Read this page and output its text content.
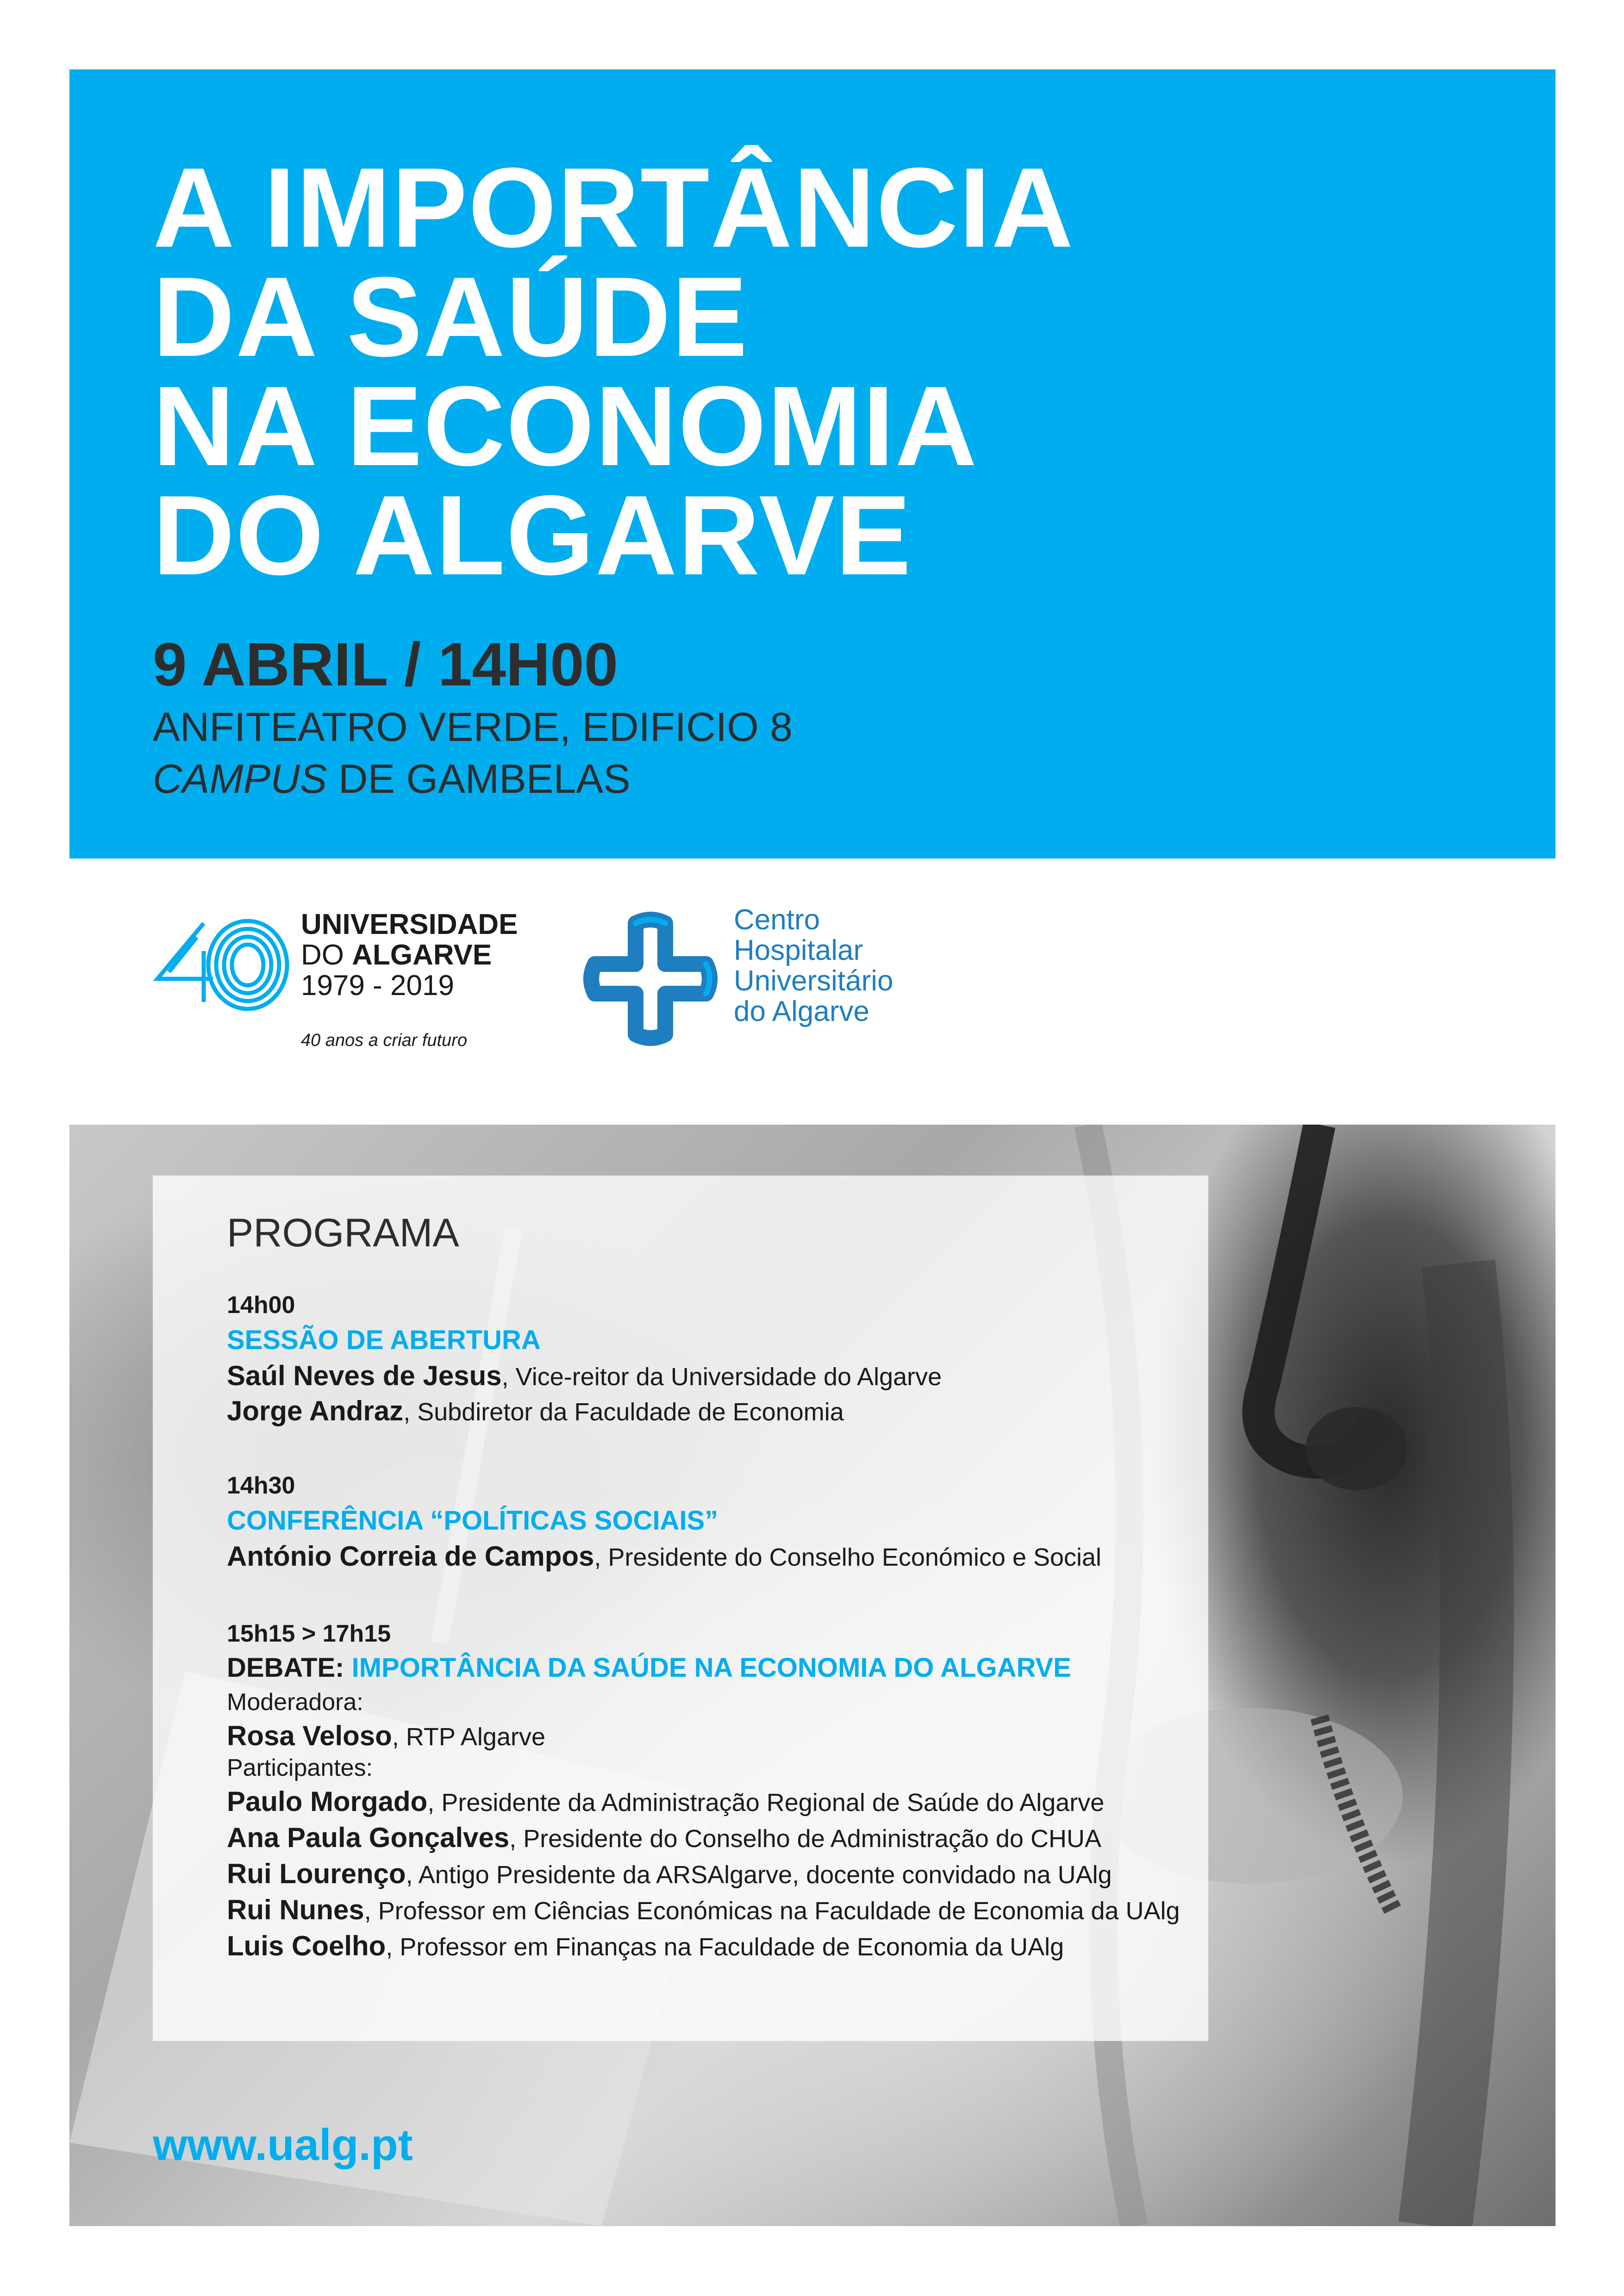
A IMPORTÂNCIA
DA SAÚDE
NA ECONOMIA
DO ALGARVE

9 ABRIL / 14H00

ANFITEATRO VERDE, EDIFICIO 8
CAMPUS DE GAMBELAS
UNIVERSIDADE
DO ALGARVE
1979 - 2019
40 anos a criar futuro
Centro
Hospitalar
Universitário
do Algarve
PROGRAMA
14h00
SESSÃO DE ABERTURA
Saúl Neves de Jesus, Vice-reitor da Universidade do Algarve
Jorge Andraz, Subdiretor da Faculdade de Economia
14h30
CONFERÊNCIA “POLÍTICAS SOCIAIS”
António Correia de Campos, Presidente do Conselho Económico e Social
15h15 > 17h15
DEBATE: IMPORTÂNCIA DA SAÚDE NA ECONOMIA DO ALGARVE
Moderadora:
Rosa Veloso, RTP Algarve
Participantes:
Paulo Morgado, Presidente da Administração Regional de Saúde do Algarve
Ana Paula Gonçalves, Presidente do Conselho de Administração do CHUA
Rui Lourenço, Antigo Presidente da ARSAlgarve, docente convidado na UAlg
Rui Nunes, Professor em Ciências Económicas na Faculdade de Economia da UAlg
Luis Coelho, Professor em Finanças na Faculdade de Economia da UAlg
www.ualg.pt
